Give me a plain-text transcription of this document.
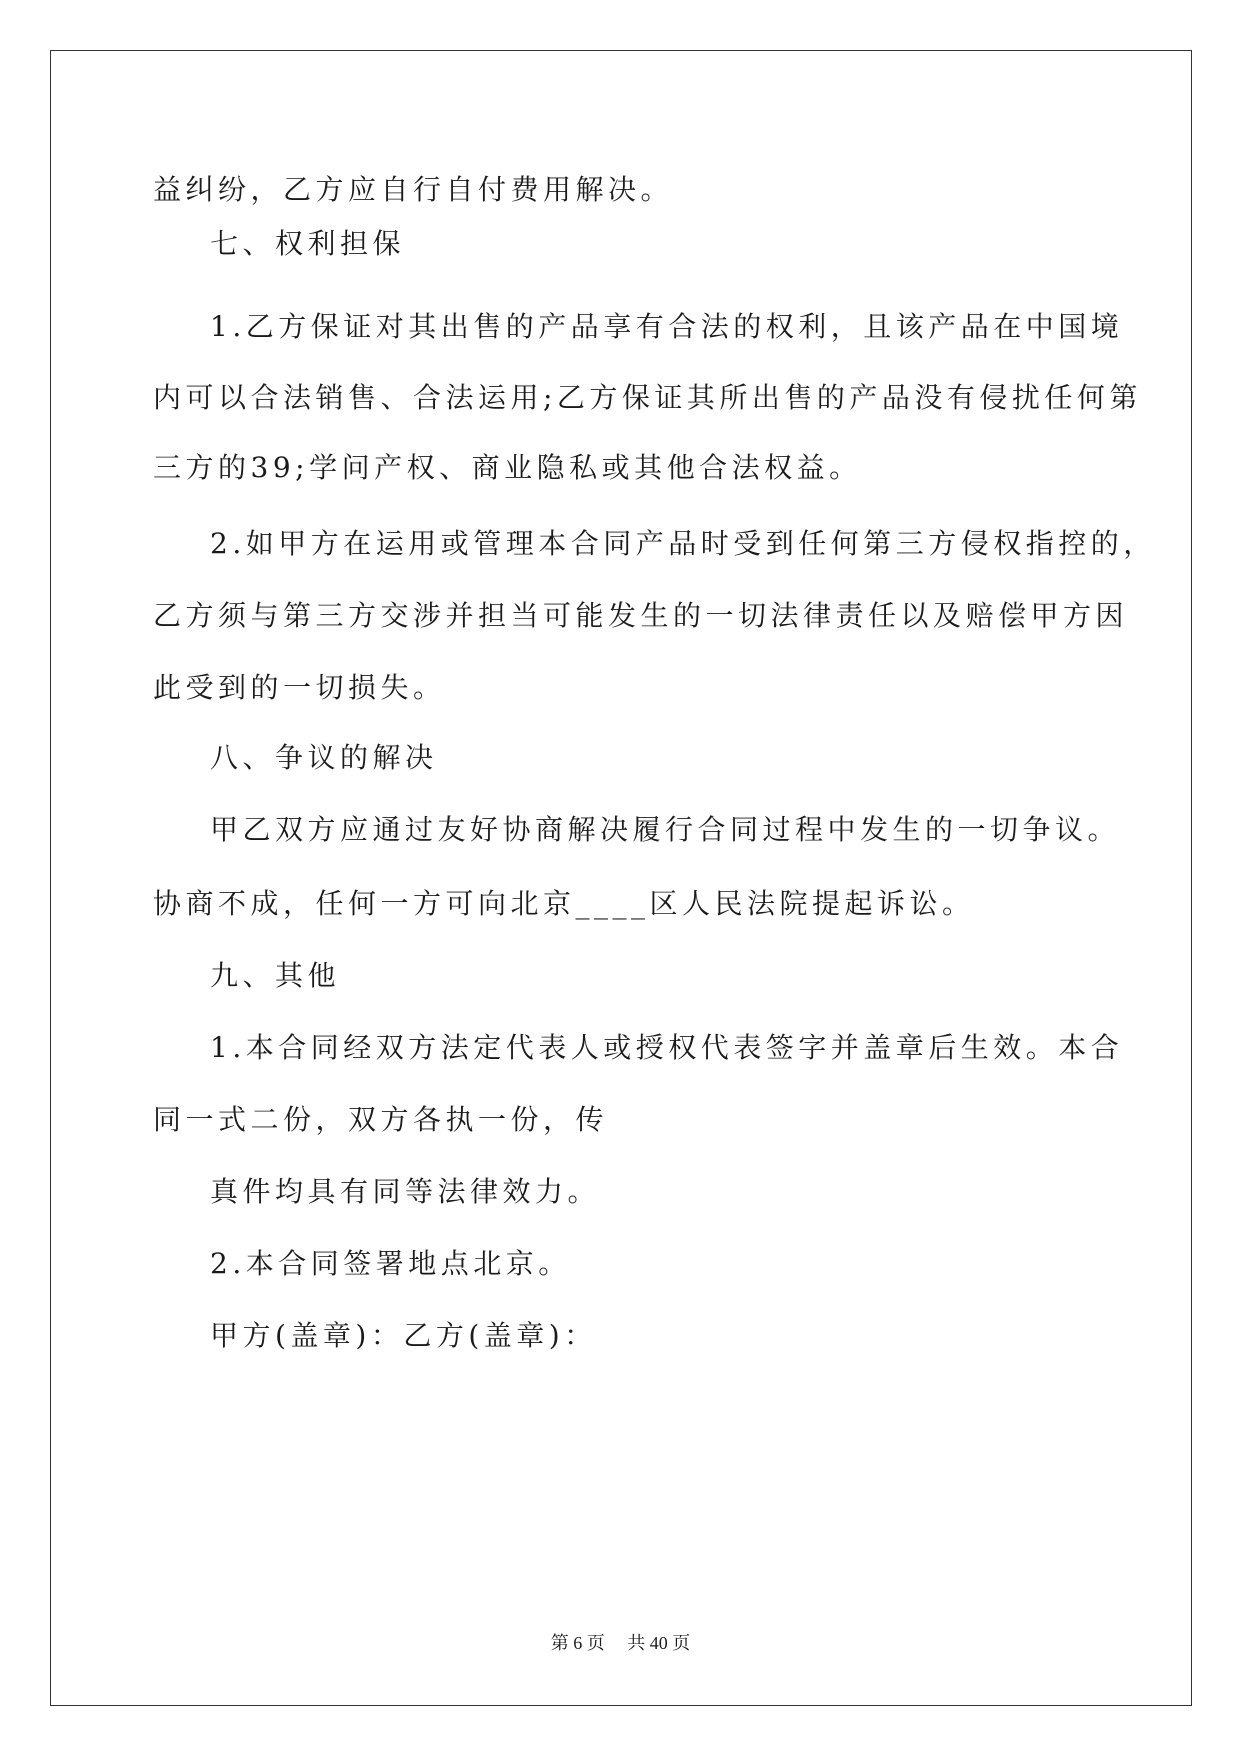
益纠纷，乙方应自行自付费用解决。
七、权利担保
1.乙方保证对其出售的产品享有合法的权利，且该产品在中国境
内可以合法销售、合法运用;乙方保证其所出售的产品没有侵扰任何第
三方的39;学问产权、商业隐私或其他合法权益。
2.如甲方在运用或管理本合同产品时受到任何第三方侵权指控的，
乙方须与第三方交涉并担当可能发生的一切法律责任以及赔偿甲方因
此受到的一切损失。
八、争议的解决
甲乙双方应通过友好协商解决履行合同过程中发生的一切争议。
协商不成，任何一方可向北京____区人民法院提起诉讼。
九、其他
1.本合同经双方法定代表人或授权代表签字并盖章后生效。本合
同一式二份，双方各执一份，传
真件均具有同等法律效力。
2.本合同签署地点北京。
甲方(盖章)：乙方(盖章)：
第 6 页　 共 40 页
